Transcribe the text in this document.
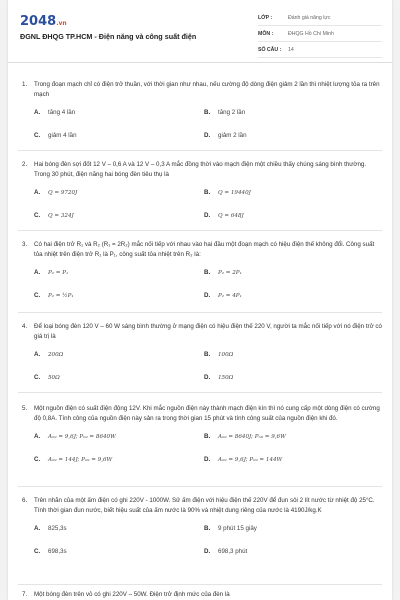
2048.vn
ĐGNL ĐHQG TP.HCM - Điện năng và công suất điện
LỚP :	Đánh giá năng lực
MÔN :	ĐHQG Hồ Chí Minh
SỐ CÂU :	14
1. Trong đoạn mạch chỉ có điện trở thuần, với thời gian như nhau, nếu cường độ dòng điện giảm 2 lần thì nhiệt lượng tỏa ra trên mạch
A.	tăng 4 lần	B.	tăng 2 lần
C.	giảm 4 lần	D.	giảm 2 lần
2. Hai bóng đèn sợi đốt 12 V – 0,6 A và 12 V – 0,3 A mắc đồng thời vào mạch điện một chiều thấy chúng sáng bình thường. Trong 30 phút, điện năng hai bóng đèn tiêu thụ là
A.	Q = 9720J	B.	Q = 19440J
C.	Q = 324J	D.	Q = 648J
3. Có hai điện trở R₁ và R₂ (R₁ = 2R₂) mắc nối tiếp với nhau vào hai đầu một đoạn mạch có hiệu điện thế không đổi. Công suất tỏa nhiệt trên điện trở R₁ là P₁, công suất tỏa nhiệt trên R₂ là:
A.	P₂ = P₁	B.	P₂ = 2P₁
C.	P₂ = ½P₁	D.	P₂ = 4P₁
4. Để loại bóng đèn 120 V – 60 W sáng bình thường ở mạng điện có hiệu điện thế 220 V, người ta mắc nối tiếp với nó điện trở có giá trị là
A.	200Ω	B.	100Ω
C.	50Ω	D.	150Ω
5. Một nguồn điện có suất điện động 12V. Khi mắc nguồn điện này thành mạch điện kín thì nó cung cấp một dòng điện có cường độ 0,8A. Tính công của nguồn điện này sản ra trong thời gian 15 phút và tính công suất của nguồn điện khi đó.
A.	Aₙ₉ = 9,6J; Pₙ₉ = 8640W	B.	Aₙ₉ = 8640J; Pₙ₉ = 9,6W
C.	Aₙ₉ = 144J; Pₙ₉ = 9,6W	D.	Aₙ₉ = 9,6J; Pₙ₉ = 144W
6. Trên nhãn của một ấm điện có ghi 220V - 1000W. Sử ấm điện với hiệu điện thế 220V để đun sôi 2 lít nước từ nhiệt độ 25°C. Tính thời gian đun nước, biết hiệu suất của ấm nước là 90% và nhiệt dung riêng của nước là 4190J/kg.K
A.	825,3s	B.	9 phút 15 giây
C.	698,3s	D.	698,3 phút
7. Một bóng đèn trên vỏ có ghi 220V – 50W. Điện trở định mức của đèn là
